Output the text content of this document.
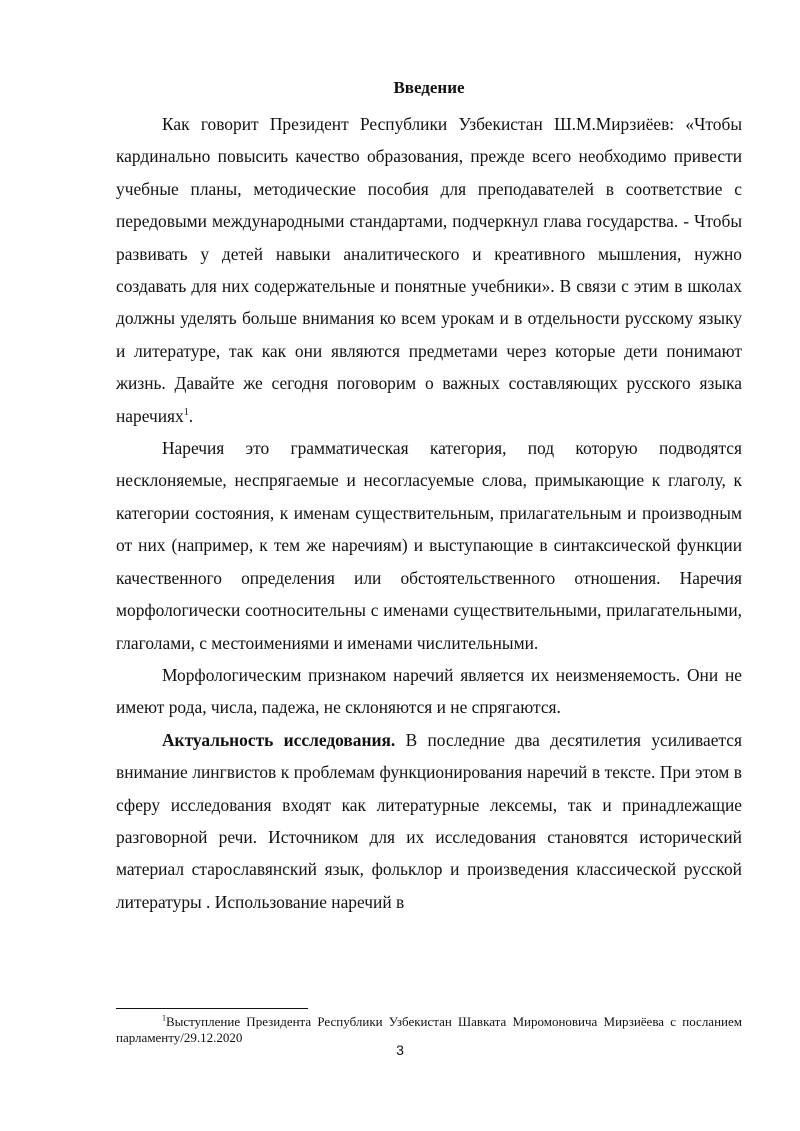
Введение

Как говорит Президент Республики Узбекистан Ш.М.Мирзиёев: «Чтобы кардинально повысить качество образования, прежде всего необходимо привести учебные планы, методические пособия для преподавателей в соответствие с передовыми международными стандартами, подчеркнул глава государства. - Чтобы развивать у детей навыки аналитического и креативного мышления, нужно создавать для них содержательные и понятные учебники». В связи с этим в школах должны уделять больше внимания ко всем урокам и в отдельности русскому языку и литературе, так как они являются предметами через которые дети понимают жизнь. Давайте же сегодня поговорим о важных составляющих русского языка наречиях$^1$.

Наречия это грамматическая категория, под которую подводятся несклоняемые, неспрягаемые и несогласуемые слова, примыкающие к глаголу, к категории состояния, к именам существительным, прилагательным и производным от них (например, к тем же наречиям) и выступающие в синтаксической функции качественного определения или обстоятельственного отношения. Наречия морфологически соотносительны с именами существительными, прилагательными, глаголами, с местоимениями и именами числительными.

Морфологическим признаком наречий является их неизменяемость. Они не имеют рода, числа, падежа, не склоняются и не спрягаются.

Актуальность исследования. В последние два десятилетия усиливается внимание лингвистов к проблемам функционирования наречий в тексте. При этом в сферу исследования входят как литературные лексемы, так и принадлежащие разговорной речи. Источником для их исследования становятся исторический материал старославянский язык, фольклор и произведения классической русской литературы . Использование наречий в

$^1$Выступление Президента Республики Узбекистан Шавката Миромоновича Мирзиёева с посланием парламенту/29.12.2020

3
